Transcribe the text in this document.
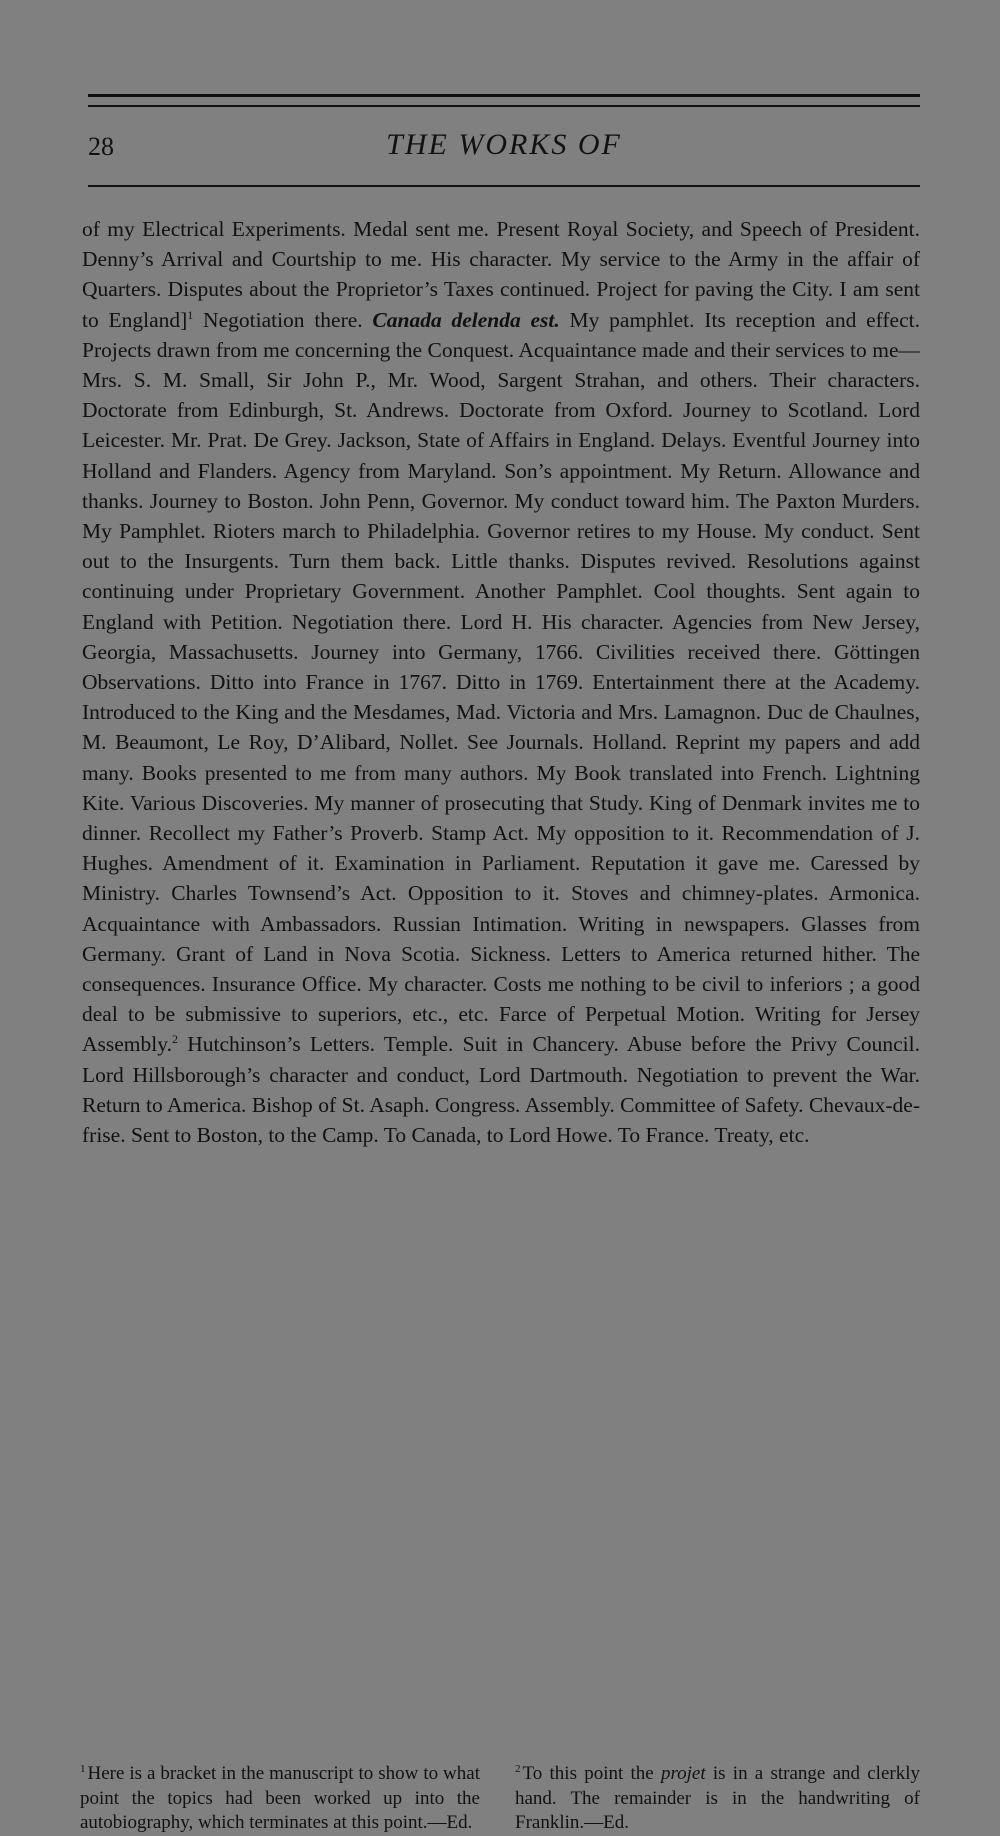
28	THE WORKS OF

of my Electrical Experiments. Medal sent me. Present Royal Society, and Speech of President. Denny’s Arrival and Courtship to me. His character. My service to the Army in the affair of Quarters. Disputes about the Proprietor’s Taxes continued. Project for paving the City. I am sent to England]$^1$ Negotiation there. Canada delenda est. My pamphlet. Its reception and effect. Projects drawn from me concerning the Conquest. Acquaintance made and their services to me—Mrs. S. M. Small, Sir John P., Mr. Wood, Sargent Strahan, and others. Their characters. Doctorate from Edinburgh, St. Andrews. Doctorate from Oxford. Journey to Scotland. Lord Leicester. Mr. Prat. De Grey. Jackson, State of Affairs in England. Delays. Eventful Journey into Holland and Flanders. Agency from Maryland. Son’s appointment. My Return. Allowance and thanks. Journey to Boston. John Penn, Governor. My conduct toward him. The Paxton Murders. My Pamphlet. Rioters march to Philadelphia. Governor retires to my House. My conduct. Sent out to the Insurgents. Turn them back. Little thanks. Disputes revived. Resolutions against continuing under Proprietary Government. Another Pamphlet. Cool thoughts. Sent again to England with Petition. Negotiation there. Lord H. His character. Agencies from New Jersey, Georgia, Massachusetts. Journey into Germany, 1766. Civilities received there. Göttingen Observations. Ditto into France in 1767. Ditto in 1769. Entertainment there at the Academy. Introduced to the King and the Mesdames, Mad. Victoria and Mrs. Lamagnon. Duc de Chaulnes, M. Beaumont, Le Roy, D’Alibard, Nollet. See Journals. Holland. Reprint my papers and add many. Books presented to me from many authors. My Book translated into French. Lightning Kite. Various Discoveries. My manner of prosecuting that Study. King of Denmark invites me to dinner. Recollect my Father’s Proverb. Stamp Act. My opposition to it. Recommendation of J. Hughes. Amendment of it. Examination in Parliament. Reputation it gave me. Caressed by Ministry. Charles Townsend’s Act. Opposition to it. Stoves and chimney-plates. Armonica. Acquaintance with Ambassadors. Russian Intimation. Writing in newspapers. Glasses from Germany. Grant of Land in Nova Scotia. Sickness. Letters to America returned hither. The consequences. Insurance Office. My character. Costs me nothing to be civil to inferiors ; a good deal to be submissive to superiors, etc., etc. Farce of Perpetual Motion. Writing for Jersey Assembly.$^2$ Hutchinson’s Letters. Temple. Suit in Chancery. Abuse before the Privy Council. Lord Hillsborough’s character and conduct, Lord Dartmouth. Negotiation to prevent the War. Return to America. Bishop of St. Asaph. Congress. Assembly. Committee of Safety. Chevaux-de-frise. Sent to Boston, to the Camp. To Canada, to Lord Howe. To France. Treaty, etc.

$^1$ Here is a bracket in the manuscript to show to what point the topics had been worked up into the autobiography, which terminates at this point.—Ed.

$^2$ To this point the projet is in a strange and clerkly hand. The remainder is in the handwriting of Franklin.—Ed.
